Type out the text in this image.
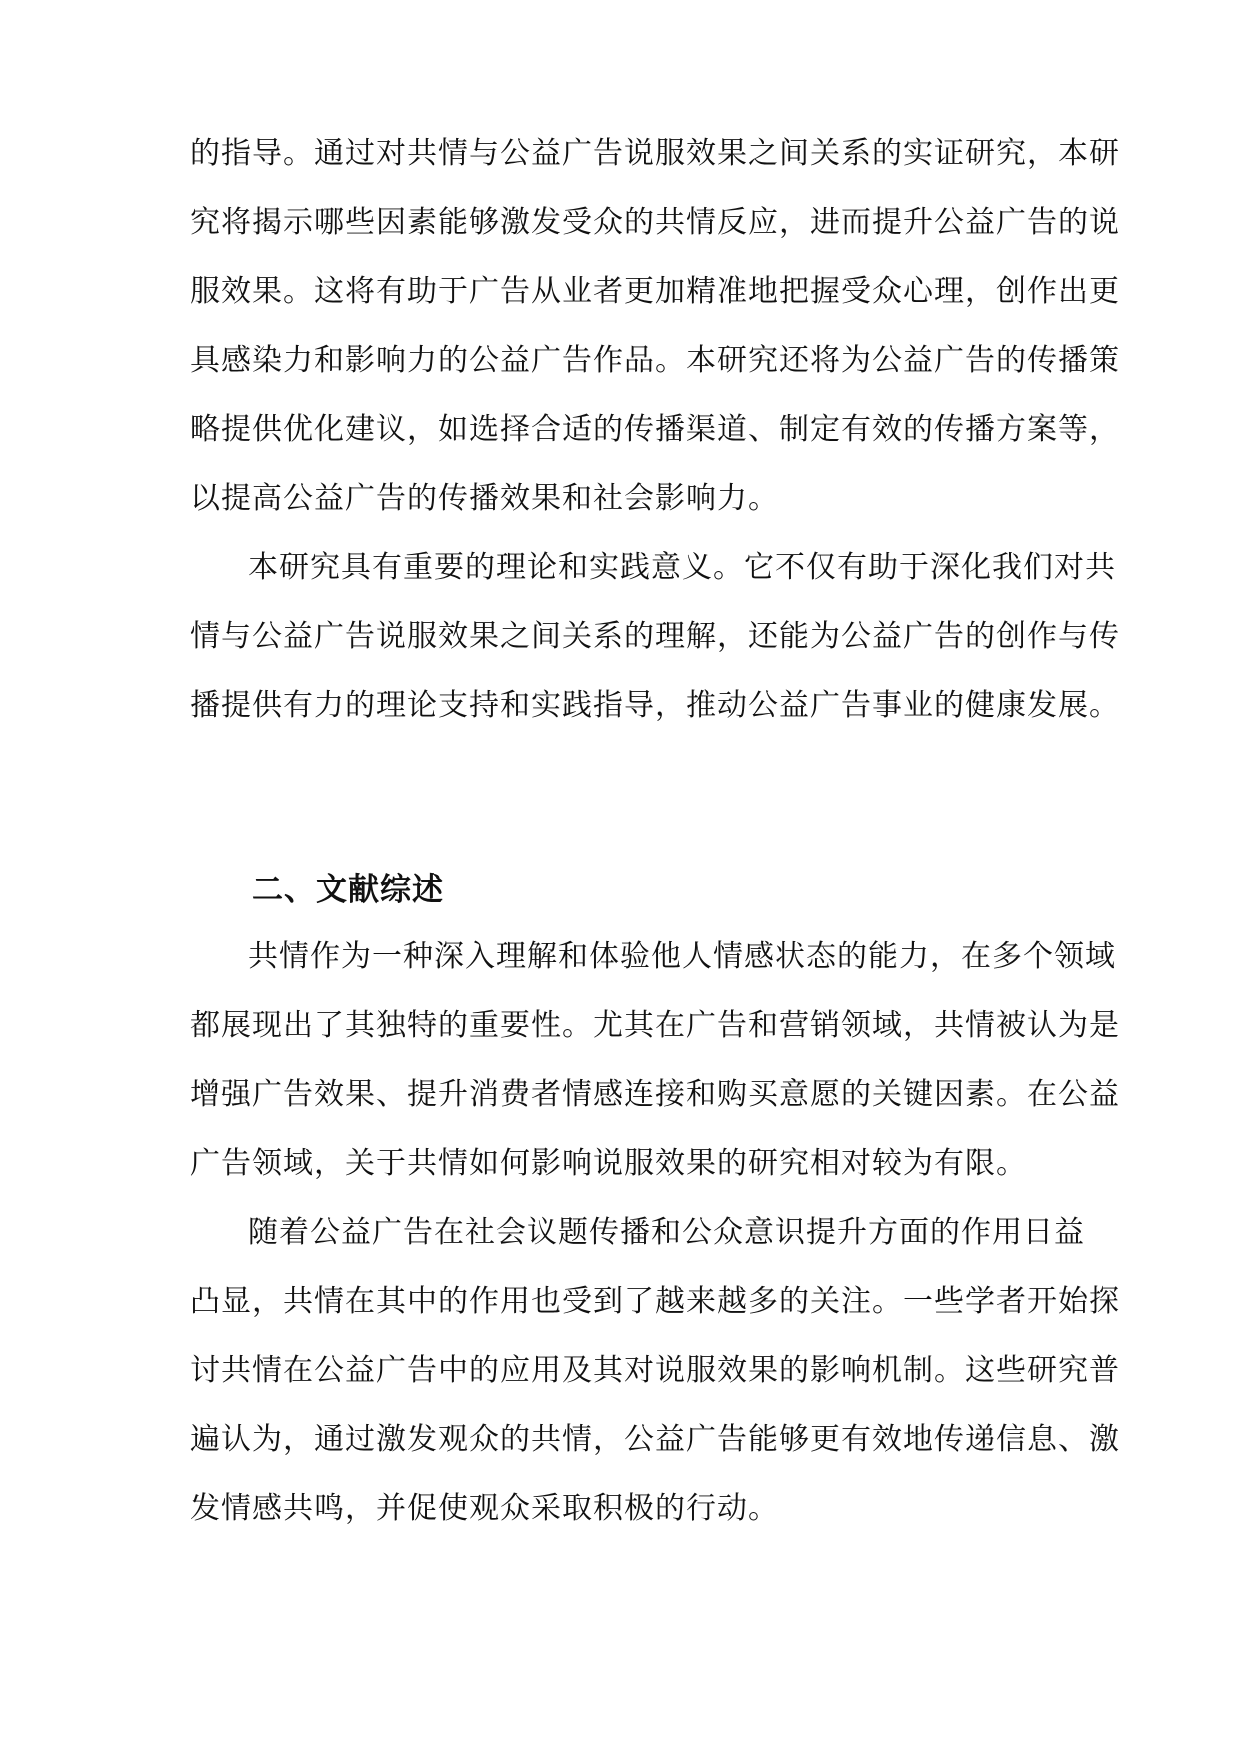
的指导。通过对共情与公益广告说服效果之间关系的实证研究，本研
究将揭示哪些因素能够激发受众的共情反应，进而提升公益广告的说
服效果。这将有助于广告从业者更加精准地把握受众心理，创作出更
具感染力和影响力的公益广告作品。本研究还将为公益广告的传播策
略提供优化建议，如选择合适的传播渠道、制定有效的传播方案等，
以提高公益广告的传播效果和社会影响力。
本研究具有重要的理论和实践意义。它不仅有助于深化我们对共
情与公益广告说服效果之间关系的理解，还能为公益广告的创作与传
播提供有力的理论支持和实践指导，推动公益广告事业的健康发展。
二、文献综述
共情作为一种深入理解和体验他人情感状态的能力，在多个领域
都展现出了其独特的重要性。尤其在广告和营销领域，共情被认为是
增强广告效果、提升消费者情感连接和购买意愿的关键因素。在公益
广告领域，关于共情如何影响说服效果的研究相对较为有限。
随着公益广告在社会议题传播和公众意识提升方面的作用日益
凸显，共情在其中的作用也受到了越来越多的关注。一些学者开始探
讨共情在公益广告中的应用及其对说服效果的影响机制。这些研究普
遍认为，通过激发观众的共情，公益广告能够更有效地传递信息、激
发情感共鸣，并促使观众采取积极的行动。
